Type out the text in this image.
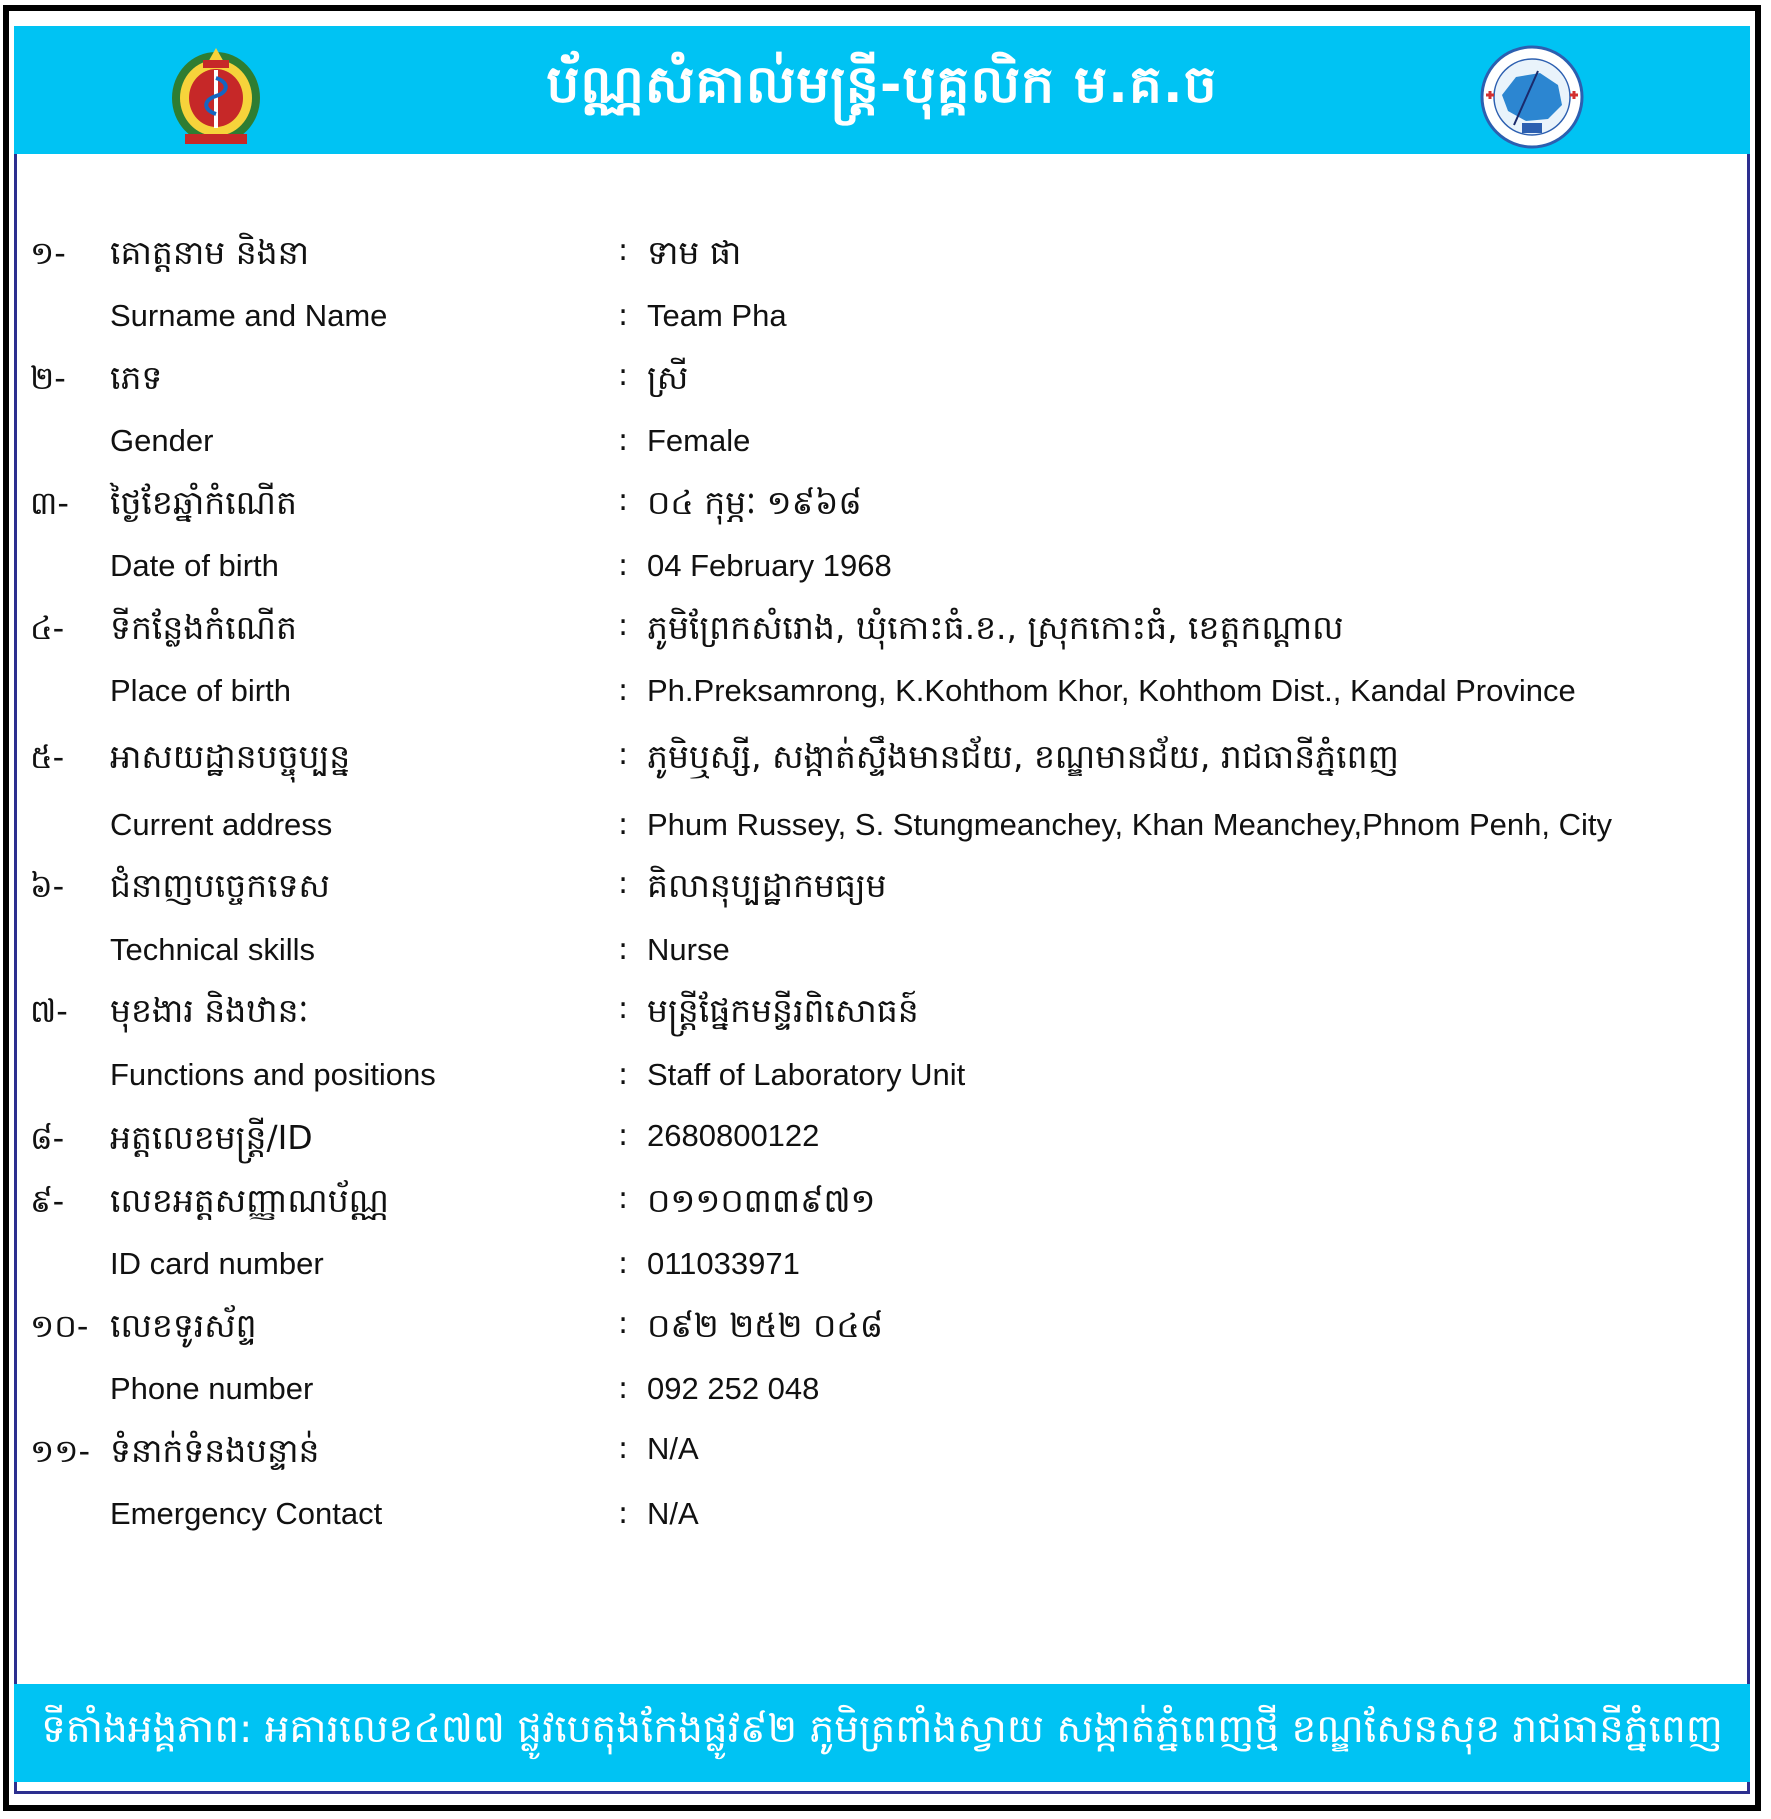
ប័ណ្ណសំគាល់មន្ត្រី-បុគ្គលិក ម.គ.ច
១- គោត្តនាម និងនា	: ទាម ផា
Surname and Name	: Team Pha
២- ភេទ	: ស្រី
Gender	: Female
៣- ថ្ងៃខែឆ្នាំកំណើត	: ០៤ កុម្ភៈ ១៩៦៨
Date of birth	: 04 February 1968
៤- ទីកន្លែងកំណើត	: ភូមិព្រែកសំរោង, ឃុំកោះធំ.ខ., ស្រុកកោះធំ, ខេត្តកណ្តាល
Place of birth	: Ph.Preksamrong, K.Kohthom Khor, Kohthom Dist., Kandal Province
៥- អាសយដ្ឋានបច្ចុប្បន្ន	: ភូមិឬស្សី, សង្កាត់ស្ទឹងមានជ័យ, ខណ្ឌមានជ័យ, រាជធានីភ្នំពេញ
Current address	: Phum Russey, S. Stungmeanchey, Khan Meanchey,Phnom Penh, City
៦- ជំនាញបច្ចេកទេស	: គិលានុប្បដ្ឋាកមធ្យម
Technical skills	: Nurse
៧- មុខងារ និងឋានៈ	: មន្ត្រីផ្នែកមន្ទីរពិសោធន៍
Functions and positions	: Staff of Laboratory Unit
៨- អត្តលេខមន្ត្រី/ID	: 2680800122
៩- លេខអត្តសញ្ញាណប័ណ្ណ	: ០១១០៣៣៩៧១
ID card number	: 011033971
១០- លេខទូរស័ព្ទ	: ០៩២ ២៥២ ០៤៨
Phone number	: 092 252 048
១១- ទំនាក់ទំនងបន្ទាន់	: N/A
Emergency Contact	: N/A
ទីតាំងអង្គភាព: អគារលេខ៤៧៧ ផ្លូវបេតុងកែងផ្លូវ៩២ ភូមិត្រពាំងស្វាយ សង្កាត់ភ្នំពេញថ្មី ខណ្ឌសែនសុខ រាជធានីភ្នំពេញ
